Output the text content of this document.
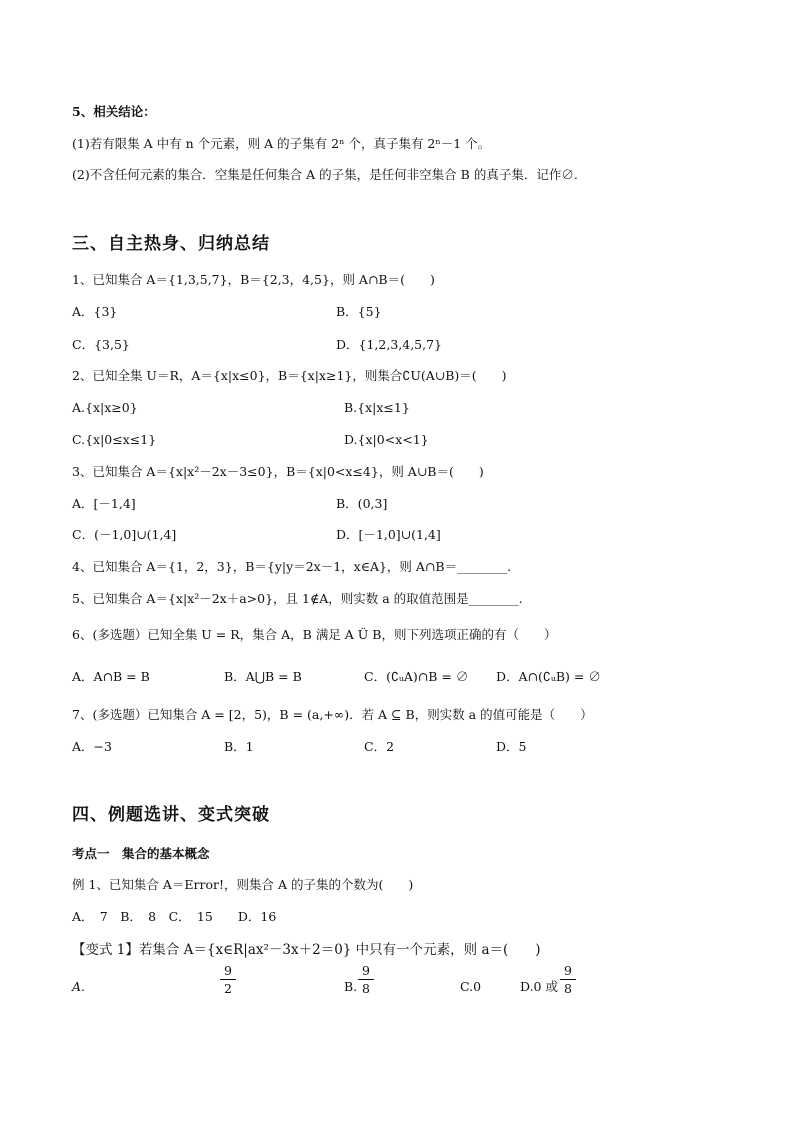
5、相关结论：
(1)若有限集 A 中有 n 个元素，则 A 的子集有 2ⁿ 个，真子集有 2ⁿ－1 个。
(2)不含任何元素的集合．空集是任何集合 A 的子集，是任何非空集合 B 的真子集．记作∅.
三、自主热身、归纳总结
1、已知集合 A＝{1,3,5,7}，B＝{2,3，4,5}，则 A∩B＝(　　)
A．{3}	B．{5}
C．{3,5}	D．{1,2,3,4,5,7}
2、已知全集 U＝R，A＝{x|x≤0}，B＝{x|x≥1}，则集合∁U(A∪B)＝(　　)
A.{x|x≥0}	B.{x|x≤1}
C.{x|0≤x≤1}	D.{x|0<x<1}
3、已知集合 A＝{x|x²－2x－3≤0}，B＝{x|0<x≤4}，则 A∪B＝(　　)
A．[－1,4]	B．(0,3]
C．(－1,0]∪(1,4]	D．[－1,0]∪(1,4]
4、已知集合 A＝{1，2，3}，B＝{y|y＝2x－1，x∈A}，则 A∩B＝________.
5、已知集合 A＝{x|x²－2x＋a>0}，且 1∉A，则实数 a 的取值范围是________.
6、(多选题）已知全集 U = R，集合 A，B 满足 A Ü B，则下列选项正确的有（　　）
A．A∩B = B	B．A⋃B = B	C．(∁ᵤA)∩B = ∅ D．A∩(∁ᵤB) = ∅
7、(多选题）已知集合 A = [2，5)，B = (a,+∞)．若 A ⊆ B，则实数 a 的值可能是（　　）
A．−3	B．1	C．2	D．5
四、例题选讲、变式突破
考点一　集合的基本概念
例 1、已知集合 A＝Error!，则集合 A 的子集的个数为(　　)
A．　7　B．　8　C．　15　　D．16
【变式 1】若集合 A＝{x∈R|ax²－3x＋2＝0} 中只有一个元素，则 a＝(　　)
A.
9
2	B.
9
8	C.0	D.0 或
9
8
